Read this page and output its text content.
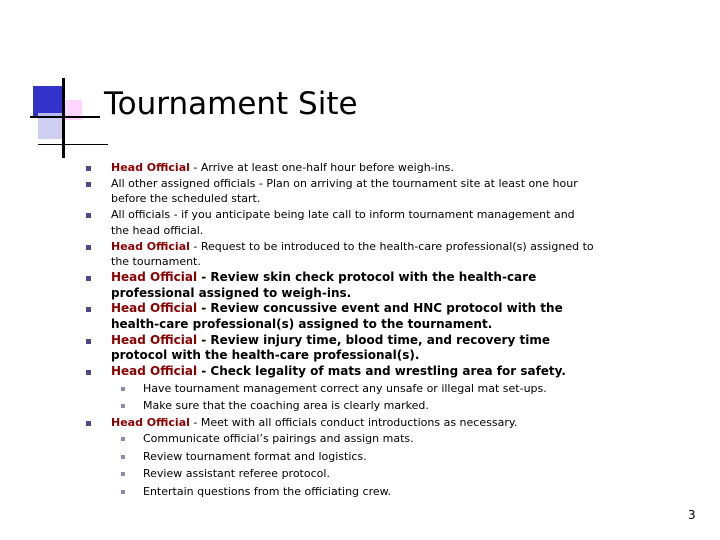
Tournament Site
Head Official - Arrive at least one-half hour before weigh-ins.
All other assigned officials - Plan on arriving at the tournament site at least one hour before the scheduled start.
All officials - if you anticipate being late call to inform tournament management and the head official.
Head Official - Request to be introduced to the health-care professional(s) assigned to the tournament.
Head Official - Review skin check protocol with the health-care professional assigned to weigh-ins.
Head Official - Review concussive event and HNC protocol with the health-care professional(s) assigned to the tournament.
Head Official - Review injury time, blood time, and recovery time protocol with the health-care professional(s).
Head Official - Check legality of mats and wrestling area for safety.
Have tournament management correct any unsafe or illegal mat set-ups.
Make sure that the coaching area is clearly marked.
Head Official - Meet with all officials conduct introductions as necessary.
Communicate official’s pairings and assign mats.
Review tournament format and logistics.
Review assistant referee protocol.
Entertain questions from the officiating crew.
3
